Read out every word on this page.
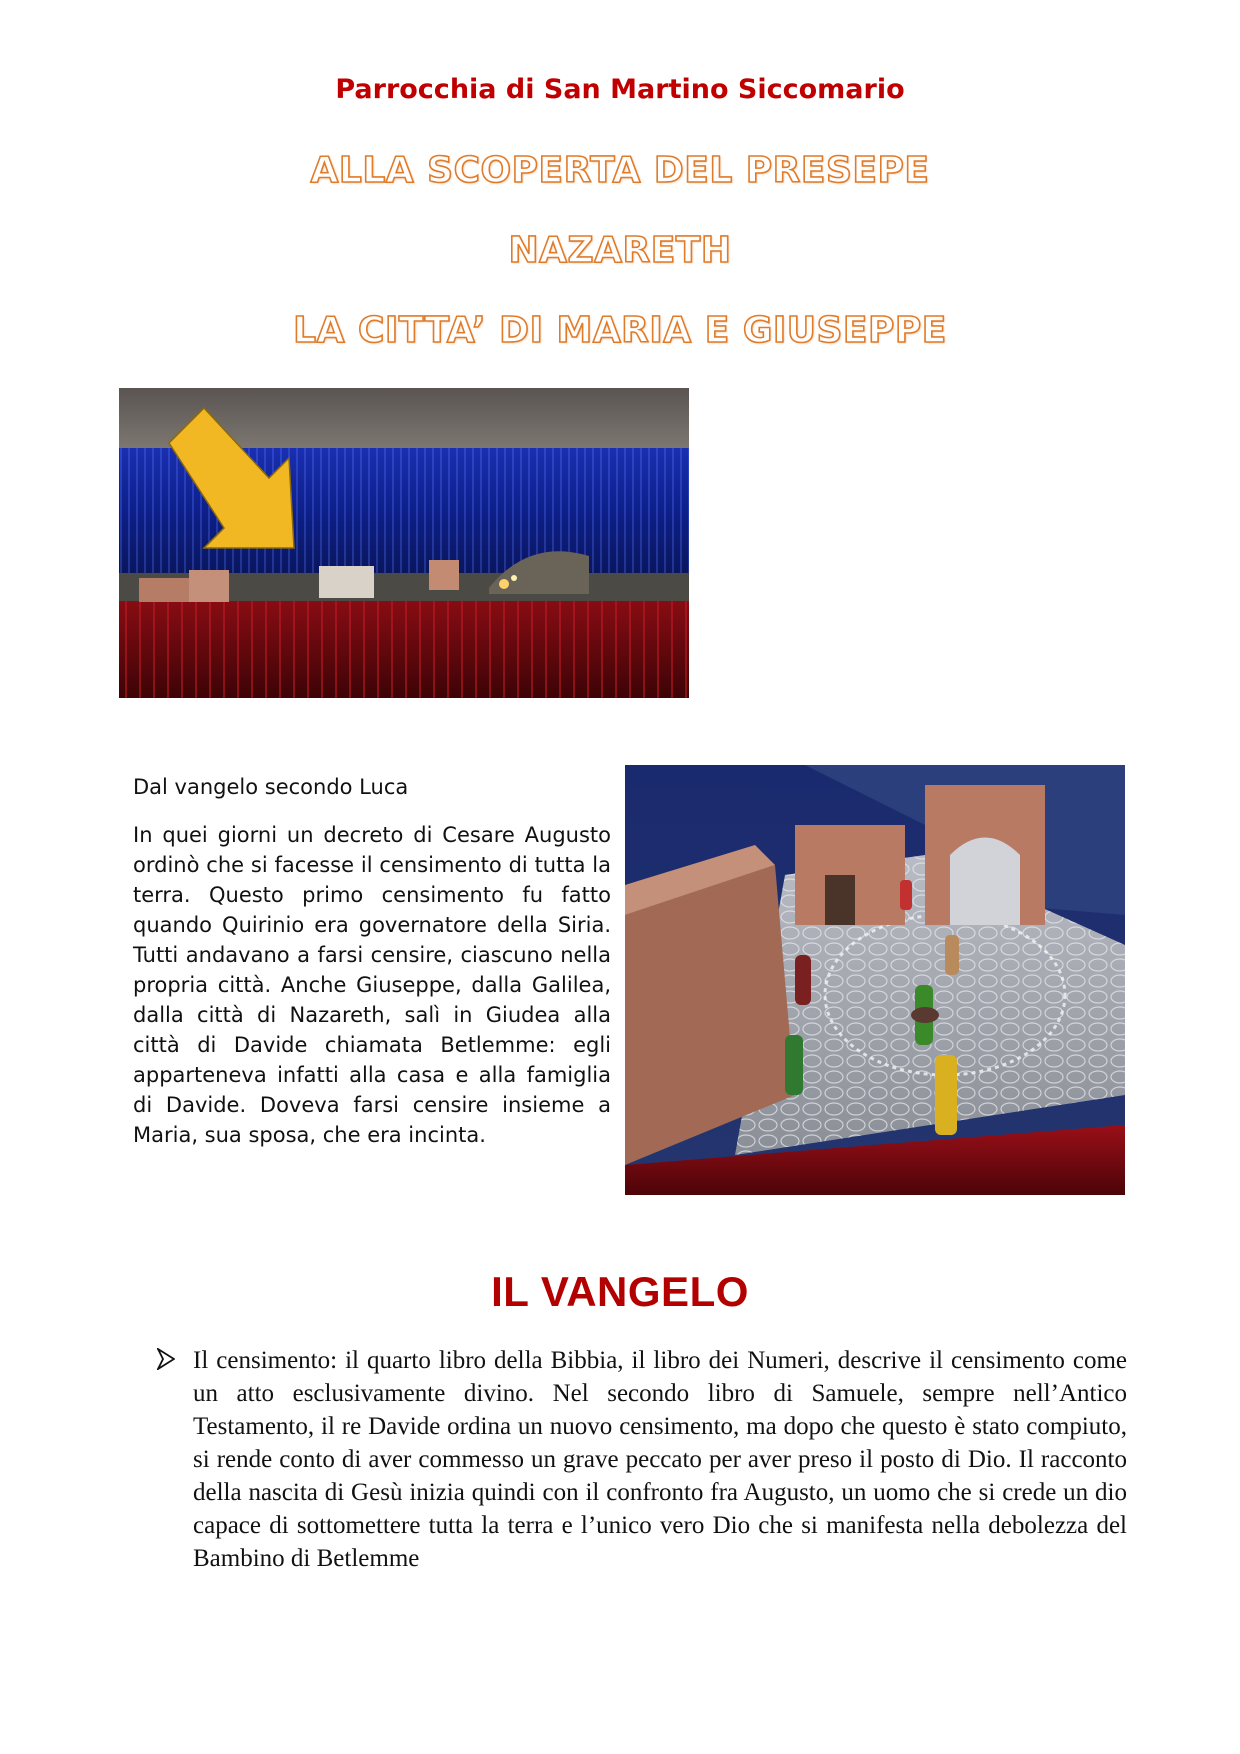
Parrocchia di San Martino Siccomario
ALLA SCOPERTA DEL PRESEPE
NAZARETH
LA CITTA’ DI MARIA E GIUSEPPE
Dal vangelo secondo Luca
In quei giorni un decreto di Cesare Augusto ordinò che si facesse il censimento di tutta la terra. Questo primo censimento fu fatto quando Quirinio era governatore della Siria. Tutti andavano a farsi censire, ciascuno nella propria città. Anche Giuseppe, dalla Galilea, dalla città di Nazareth, salì in Giudea alla città di Davide chiamata Betlemme: egli apparteneva infatti alla casa e alla famiglia di Davide. Doveva farsi censire insieme a Maria, sua sposa, che era incinta.
IL VANGELO
Il censimento: il quarto libro della Bibbia, il libro dei Numeri, descrive il censimento come un atto esclusivamente divino. Nel secondo libro di Samuele, sempre nell’Antico Testamento, il re Davide ordina un nuovo censimento, ma dopo che questo è stato compiuto, si rende conto di aver commesso un grave peccato per aver preso il posto di Dio. Il racconto della nascita di Gesù inizia quindi con il confronto fra Augusto, un uomo che si crede un dio capace di sottomettere tutta la terra e l’unico vero Dio che si manifesta nella debolezza del Bambino di Betlemme
